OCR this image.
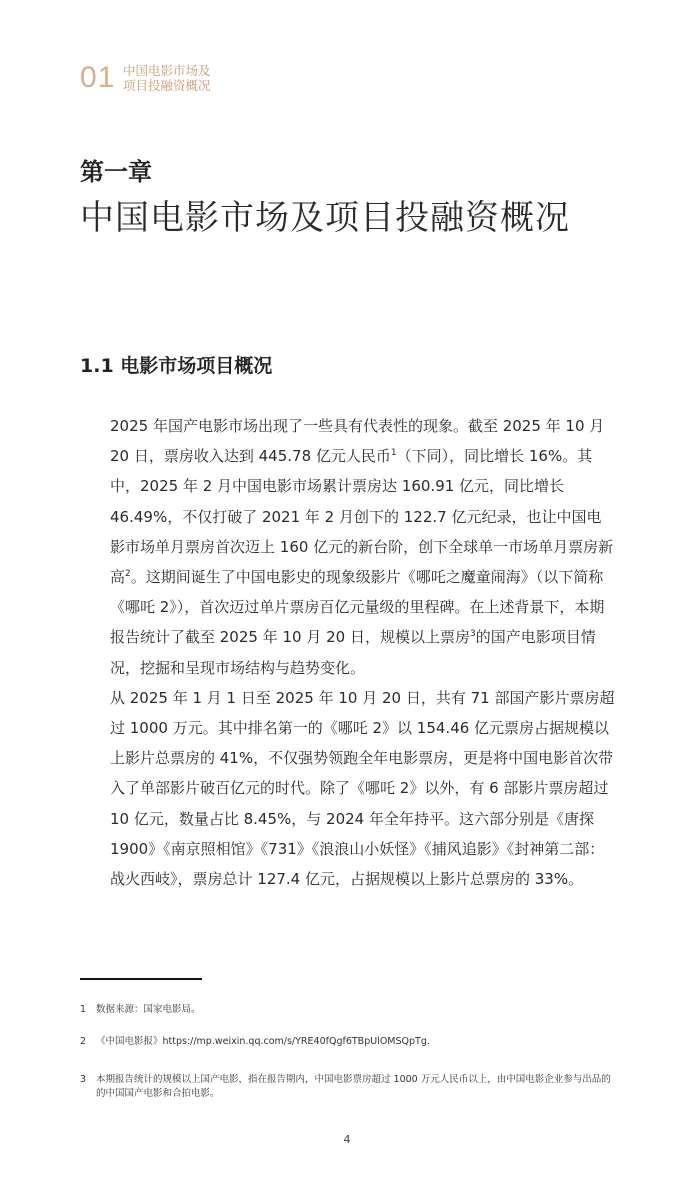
01 中国电影市场及
项目投融资概况
第一章
中国电影市场及项目投融资概况
1.1 电影市场项目概况

2025 年国产电影市场出现了一些具有代表性的现象。截至 2025 年 10 月 20 日，票房收入达到 445.78 亿元人民币$^1$（下同），同比增长 16%。其中，2025 年 2 月中国电影市场累计票房达 160.91 亿元，同比增长 46.49%，不仅打破了 2021 年 2 月创下的 122.7 亿元纪录，也让中国电影市场单月票房首次迈上 160 亿元的新台阶，创下全球单一市场单月票房新高$^2$。这期间诞生了中国电影史的现象级影片《哪吒之魔童闹海》（以下简称《哪吒 2》），首次迈过单片票房百亿元量级的里程碑。在上述背景下，本期报告统计了截至 2025 年 10 月 20 日，规模以上票房$^3$的国产电影项目情况，挖掘和呈现市场结构与趋势变化。

从 2025 年 1 月 1 日至 2025 年 10 月 20 日，共有 71 部国产影片票房超过 1000 万元。其中排名第一的《哪吒 2》以 154.46 亿元票房占据规模以上影片总票房的 41%，不仅强势领跑全年电影票房，更是将中国电影首次带入了单部影片破百亿元的时代。除了《哪吒 2》以外，有 6 部影片票房超过 10 亿元，数量占比 8.45%，与 2024 年全年持平。这六部分别是《唐探 1900》《南京照相馆》《731》《浪浪山小妖怪》《捕风追影》《封神第二部：战火西岐》，票房总计 127.4 亿元，占据规模以上影片总票房的 33%。

1 数据来源：国家电影局。
2 《中国电影报》https://mp.weixin.qq.com/s/YRE40fQgf6TBpUlOMSQpTg.
3 本期报告统计的规模以上国产电影，指在报告期内，中国电影票房超过 1000 万元人民币以上，由中国电影企业参与出品的的中国国产电影和合拍电影。
4
